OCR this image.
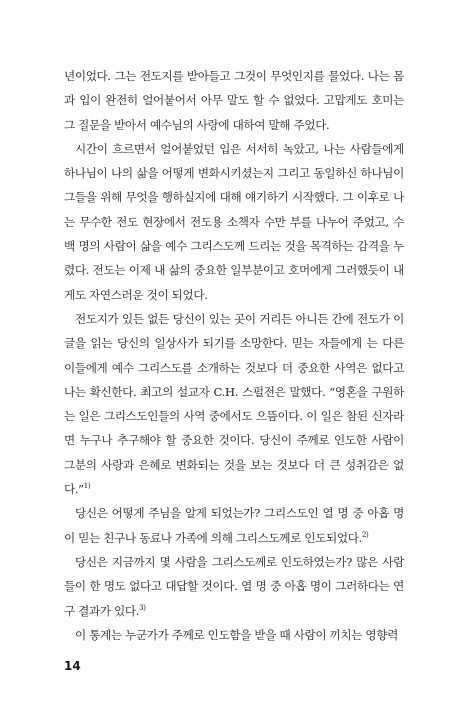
년이었다. 그는 전도지를 받아들고 그것이 무엇인지를 물었다. 나는 몸과 입이 완전히 얼어붙어서 아무 말도 할 수 없었다. 고맙게도 호미는 그 질문을 받아서 예수님의 사랑에 대하여 말해 주었다.

시간이 흐르면서 얼어붙었던 입은 서서히 녹았고, 나는 사람들에게 하나님이 나의 삶을 어떻게 변화시키셨는지 그리고 동일하신 하나님이 그들을 위해 무엇을 행하실지에 대해 얘기하기 시작했다. 그 이후로 나는 무수한 전도 현장에서 전도용 소책자 수만 부를 나누어 주었고, 수백 명의 사람이 삶을 예수 그리스도께 드리는 것을 목격하는 감격을 누렸다. 전도는 이제 내 삶의 중요한 일부분이고 호머에게 그러했듯이 내게도 자연스러운 것이 되었다.

전도지가 있든 없든 당신이 있는 곳이 거리든 아니든 간에 전도가 이 글을 읽는 당신의 일상사가 되기를 소망한다. 믿는 자들에게 는 다른 이들에게 예수 그리스도를 소개하는 것보다 더 중요한 사역은 없다고 나는 확신한다. 최고의 설교자 C.H. 스펄전은 말했다. “영혼을 구원하는 일은 그리스도인들의 사역 중에서도 으뜸이다. 이 일은 참된 신자라면 누구나 추구해야 할 중요한 것이다. 당신이 주께로 인도한 사람이 그분의 사랑과 은혜로 변화되는 것을 보는 것보다 더 큰 성취감은 없다.”$^{1)}$

당신은 어떻게 주님을 알게 되었는가? 그리스도인 열 명 중 아홉 명이 믿는 친구나 동료나 가족에 의해 그리스도께로 인도되었다.$^{2)}$

당신은 지금까지 몇 사람을 그리스도께로 인도하였는가? 많은 사람들이 한 명도 없다고 대답할 것이다. 열 명 중 아홉 명이 그러하다는 연구 결과가 있다.$^{3)}$

이 통계는 누군가가 주께로 인도함을 받을 때 사람이 끼치는 영향력

14
